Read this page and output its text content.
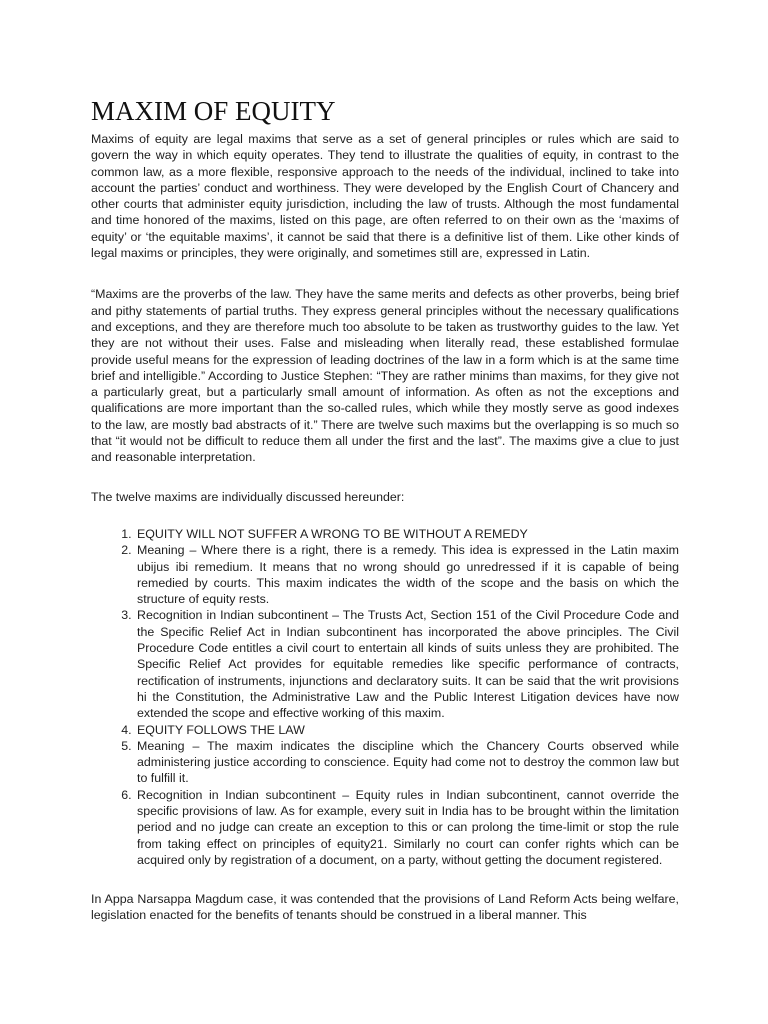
MAXIM OF EQUITY

Maxims of equity are legal maxims that serve as a set of general principles or rules which are said to govern the way in which equity operates. They tend to illustrate the qualities of equity, in contrast to the common law, as a more flexible, responsive approach to the needs of the individual, inclined to take into account the parties’ conduct and worthiness. They were developed by the English Court of Chancery and other courts that administer equity jurisdiction, including the law of trusts. Although the most fundamental and time honored of the maxims, listed on this page, are often referred to on their own as the ‘maxims of equity’ or ‘the equitable maxims’, it cannot be said that there is a definitive list of them. Like other kinds of legal maxims or principles, they were originally, and sometimes still are, expressed in Latin.

“Maxims are the proverbs of the law. They have the same merits and defects as other proverbs, being brief and pithy statements of partial truths. They express general principles without the necessary qualifications and exceptions, and they are therefore much too absolute to be taken as trustworthy guides to the law. Yet they are not without their uses. False and misleading when literally read, these established formulae provide useful means for the expression of leading doctrines of the law in a form which is at the same time brief and intelligible.” According to Justice Stephen: “They are rather minims than maxims, for they give not a particularly great, but a particularly small amount of information. As often as not the exceptions and qualifications are more important than the so-called rules, which while they mostly serve as good indexes to the law, are mostly bad abstracts of it.” There are twelve such maxims but the overlapping is so much so that “it would not be difficult to reduce them all under the first and the last”. The maxims give a clue to just and reasonable interpretation.

The twelve maxims are individually discussed hereunder:

1. EQUITY WILL NOT SUFFER A WRONG TO BE WITHOUT A REMEDY
2. Meaning – Where there is a right, there is a remedy. This idea is expressed in the Latin maxim ubijus ibi remedium. It means that no wrong should go unredressed if it is capable of being remedied by courts. This maxim indicates the width of the scope and the basis on which the structure of equity rests.
3. Recognition in Indian subcontinent – The Trusts Act, Section 151 of the Civil Procedure Code and the Specific Relief Act in Indian subcontinent has incorporated the above principles. The Civil Procedure Code entitles a civil court to entertain all kinds of suits unless they are prohibited. The Specific Relief Act provides for equitable remedies like specific performance of contracts, rectification of instruments, injunctions and declaratory suits. It can be said that the writ provisions hi the Constitution, the Administrative Law and the Public Interest Litigation devices have now extended the scope and effective working of this maxim.
4. EQUITY FOLLOWS THE LAW
5. Meaning – The maxim indicates the discipline which the Chancery Courts observed while administering justice according to conscience. Equity had come not to destroy the common law but to fulfill it.
6. Recognition in Indian subcontinent – Equity rules in Indian subcontinent, cannot override the specific provisions of law. As for example, every suit in India has to be brought within the limitation period and no judge can create an exception to this or can prolong the time-limit or stop the rule from taking effect on principles of equity21. Similarly no court can confer rights which can be acquired only by registration of a document, on a party, without getting the document registered.

In Appa Narsappa Magdum case, it was contended that the provisions of Land Reform Acts being welfare, legislation enacted for the benefits of tenants should be construed in a liberal manner. This
